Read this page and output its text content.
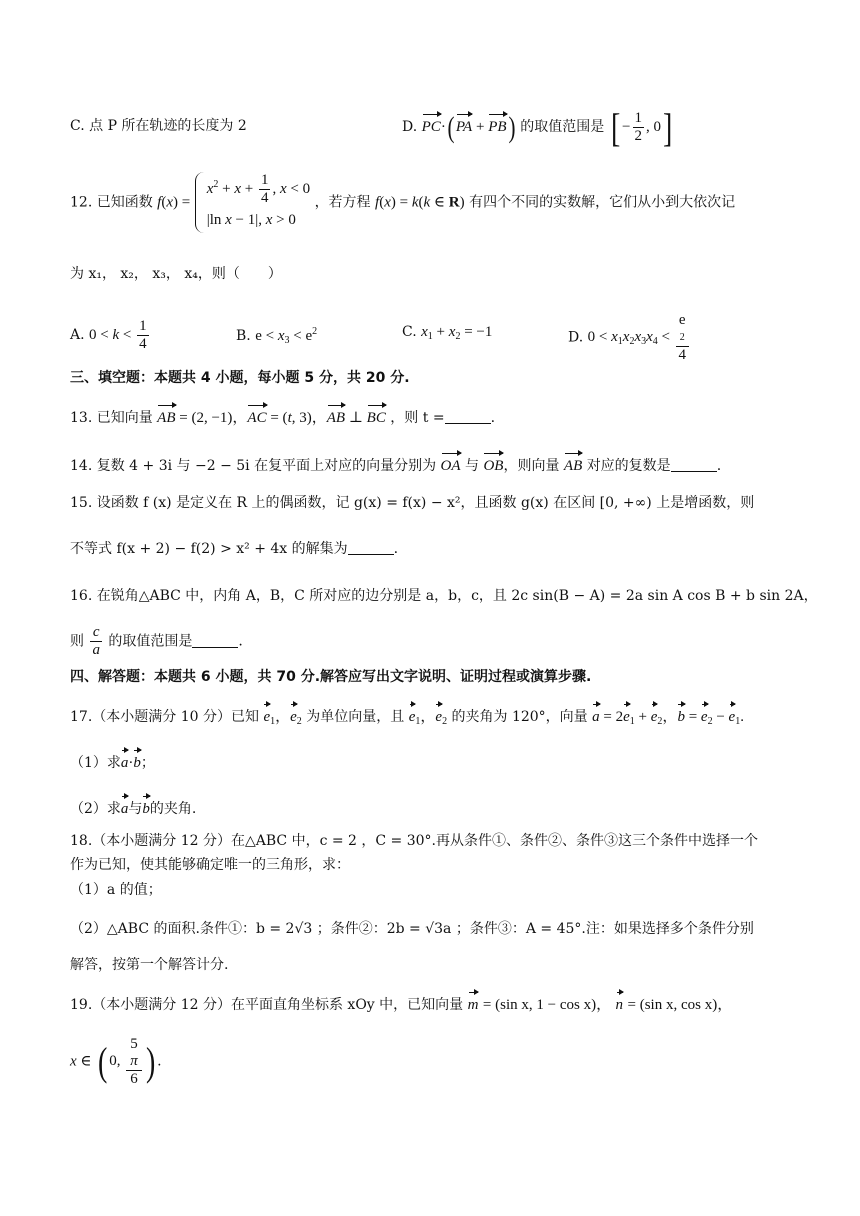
C. 点 P 所在轨迹的长度为 2	D. PC·( PA + PB) 的取值范围是 [ − $\frac{1}{2}$ , 0]
12. 已知函数 f(x) =
$x^2 + x + \frac{1}{4}$ , x < 0
|ln x − 1|, x > 0
，若方程 f(x) = k(k ∈ R) 有四个不同的实数解，它们从小到大依次记
为 x₁， x₂， x₃， x₄，则（　　）
A. $0 < k < \frac{1}{4}$	B. $e < x_3 < e^2$	C. $x_1 + x_2 = -1$	D. $0 < x_1x_2x_3x_4 < e$
2
4
三、填空题：本题共 4 小题，每小题 5 分，共 20 分.
13. 已知向量 AB = (2, −1)，AC = (t, 3)，AB ⊥ BC ，则 t =	.
14. 复数 4 + 3i 与 −2 − 5i 在复平面上对应的向量分别为 OA 与 OB，则向量 AB 对应的复数是	.
15. 设函数 f (x) 是定义在 R 上的偶函数，记 g(x) = f(x) − x²，且函数 g(x) 在区间 [0, +∞) 上是增函数，则
不等式 f(x + 2) − f(2) > x² + 4x 的解集为	.
16. 在锐角△ABC 中，内角 A，B，C 所对应的边分别是 a，b，c，且 2c sin(B − A) = 2a sin A cos B + b sin 2A，
则 $\frac{c}{a}$ 的取值范围是	.
四、解答题：本题共 6 小题，共 70 分.解答应写出文字说明、证明过程或演算步骤.
17.（本小题满分 10 分）已知 $e_1$，$e_2$ 为单位向量，且 $e_1$，$e_2$ 的夹角为 120°，向量 $a = 2e_1 + e_2$，$b = e_2 - e_1$.
（1）求a·b；
（2）求a与b的夹角.
18.（本小题满分 12 分）在△ABC 中，c = 2 ，C = 30°.再从条件①、条件②、条件③这三个条件中选择一个
作为已知，使其能够确定唯一的三角形，求：
（1）a 的值；
（2）△ABC 的面积.条件①：b = 2√3 ；条件②：2b = √3a ；条件③：A = 45°.注：如果选择多个条件分别
解答，按第一个解答计分.
19.（本小题满分 12 分）在平面直角坐标系 xOy 中，已知向量 m = (sin x, 1 − cos x)， n = (sin x, cos x)，
x ∈ ( 0, 5
π
6 ) .
